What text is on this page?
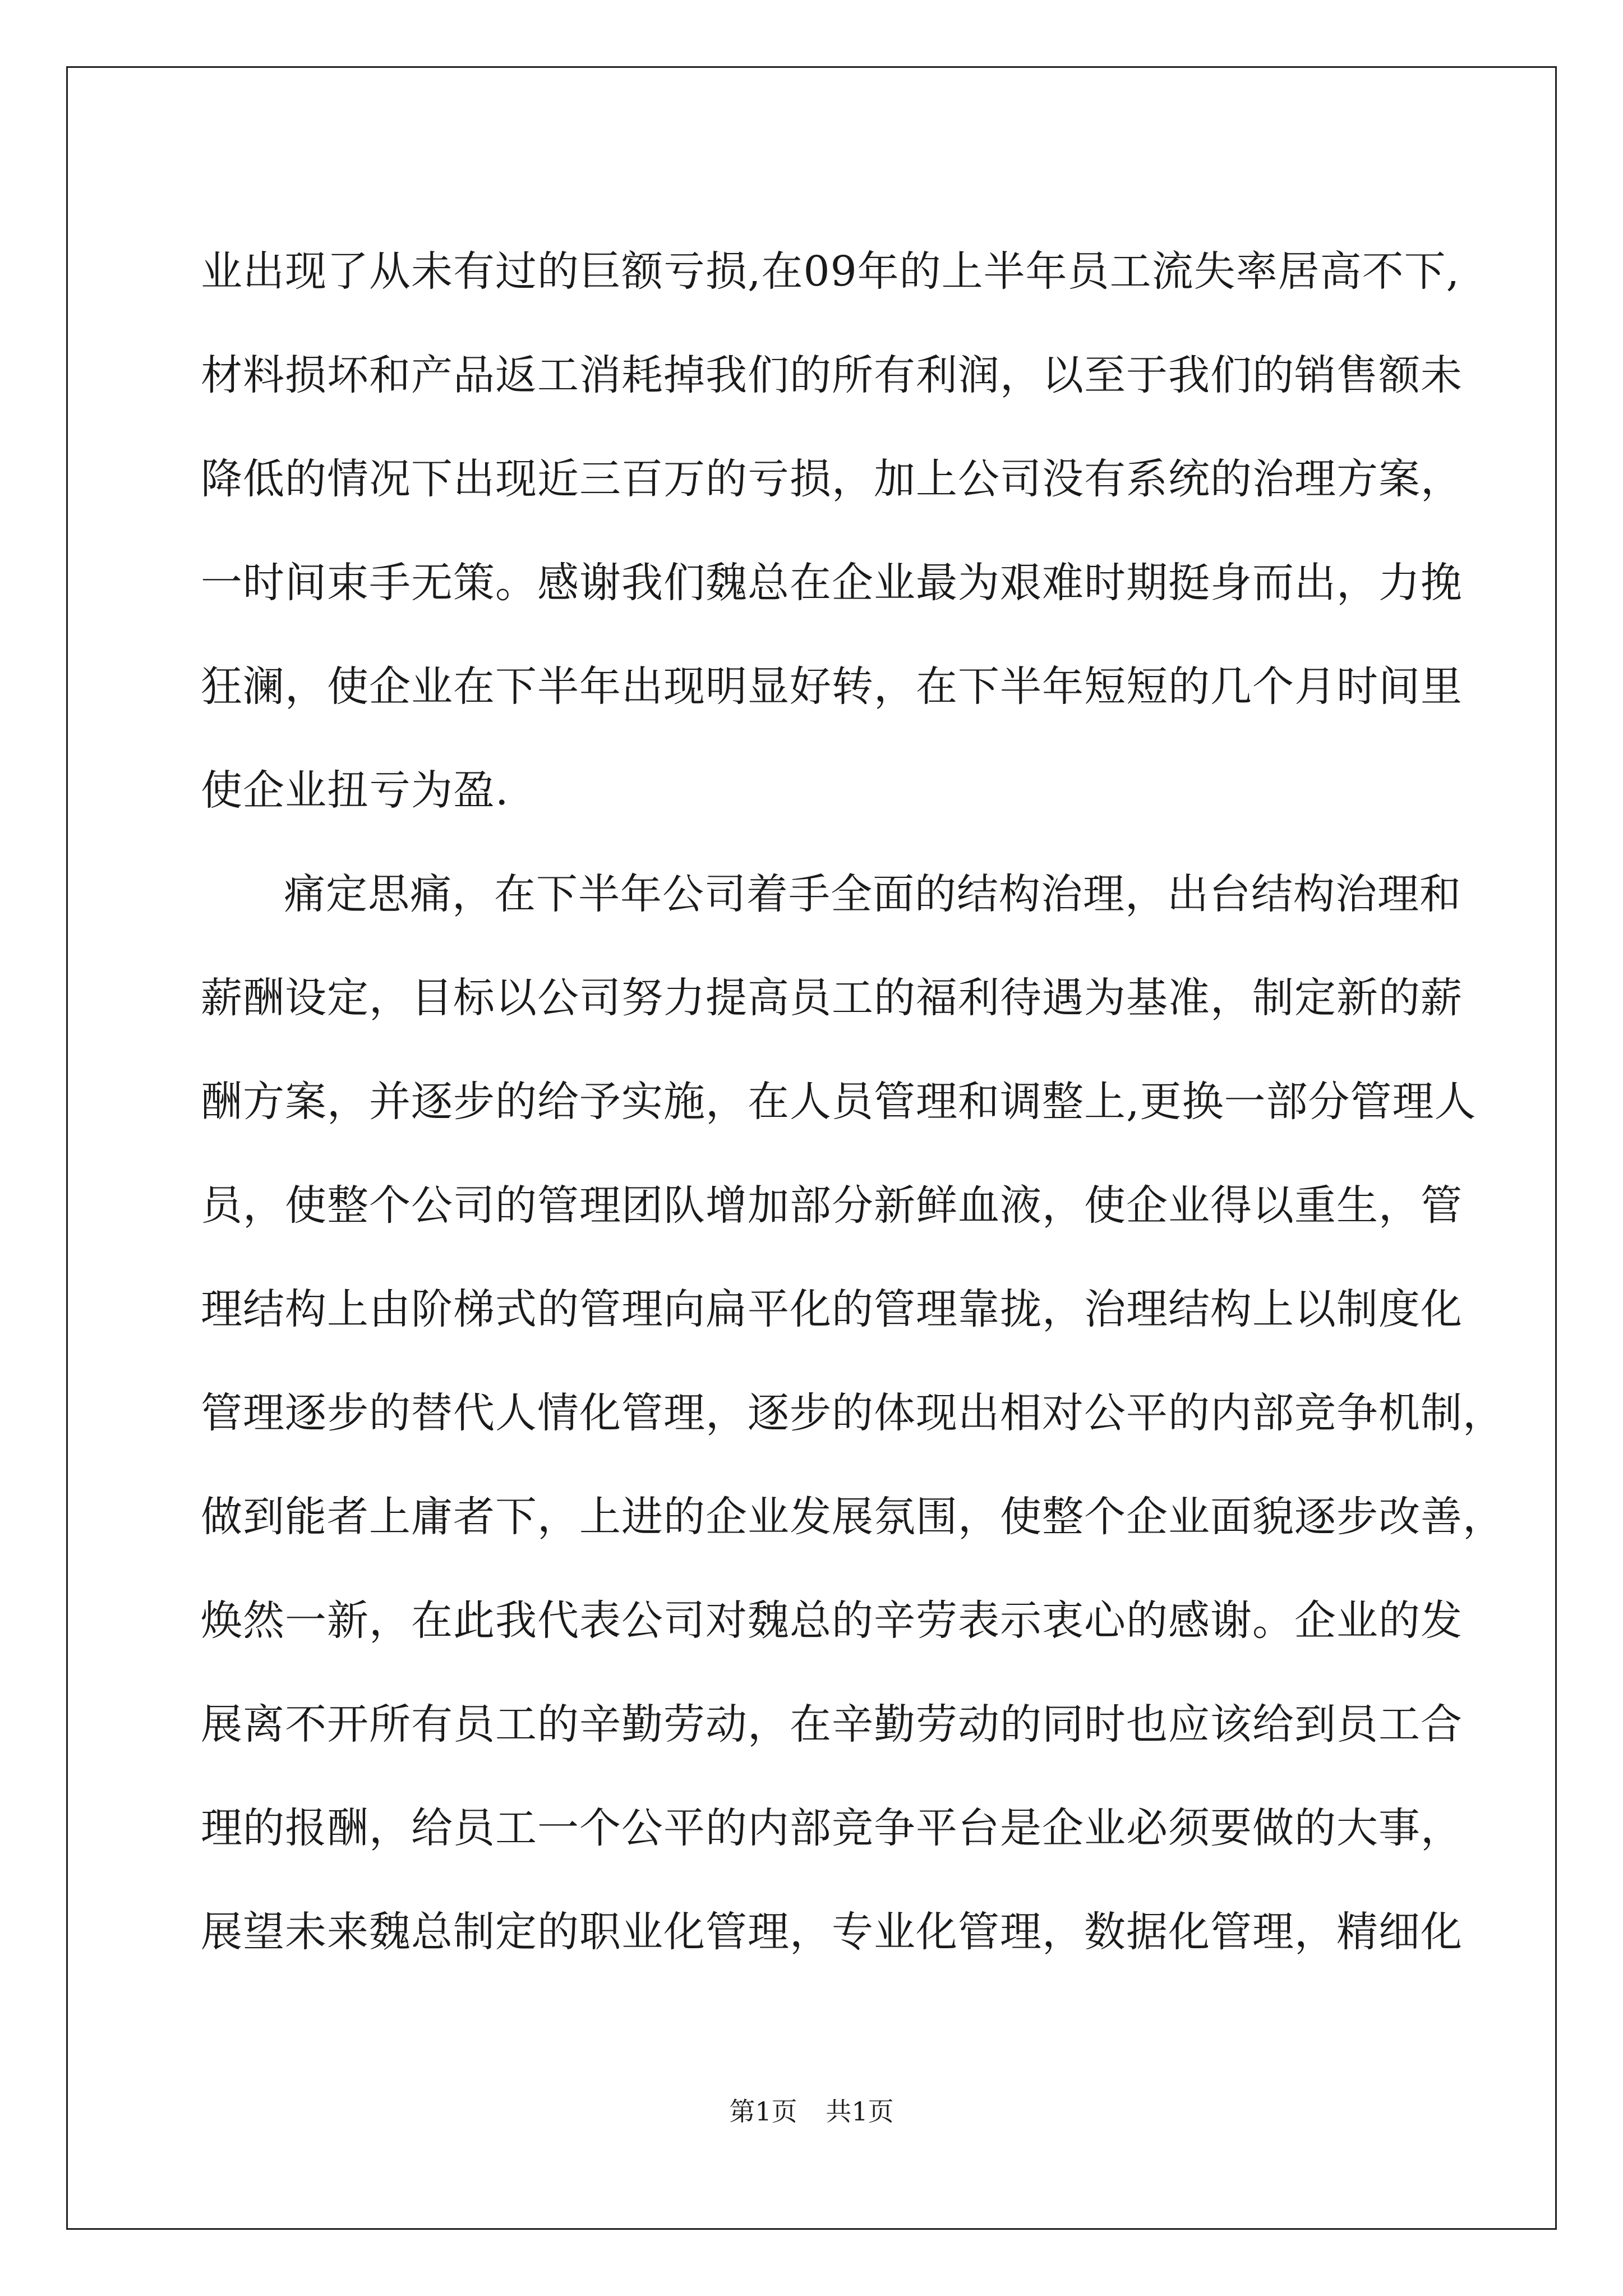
业出现了从未有过的巨额亏损,在09年的上半年员工流失率居高不下,
材料损坏和产品返工消耗掉我们的所有利润，以至于我们的销售额未
降低的情况下出现近三百万的亏损，加上公司没有系统的治理方案，
一时间束手无策。感谢我们魏总在企业最为艰难时期挺身而出，力挽
狂澜，使企业在下半年出现明显好转，在下半年短短的几个月时间里
使企业扭亏为盈.

痛定思痛，在下半年公司着手全面的结构治理，出台结构治理和
薪酬设定，目标以公司努力提高员工的福利待遇为基准，制定新的薪
酬方案，并逐步的给予实施，在人员管理和调整上,更换一部分管理人
员，使整个公司的管理团队增加部分新鲜血液，使企业得以重生，管
理结构上由阶梯式的管理向扁平化的管理靠拢，治理结构上以制度化
管理逐步的替代人情化管理，逐步的体现出相对公平的内部竞争机制，
做到能者上庸者下，上进的企业发展氛围，使整个企业面貌逐步改善，
焕然一新，在此我代表公司对魏总的辛劳表示衷心的感谢。企业的发
展离不开所有员工的辛勤劳动，在辛勤劳动的同时也应该给到员工合
理的报酬，给员工一个公平的内部竞争平台是企业必须要做的大事，
展望未来魏总制定的职业化管理，专业化管理，数据化管理，精细化

第1页 共1页
